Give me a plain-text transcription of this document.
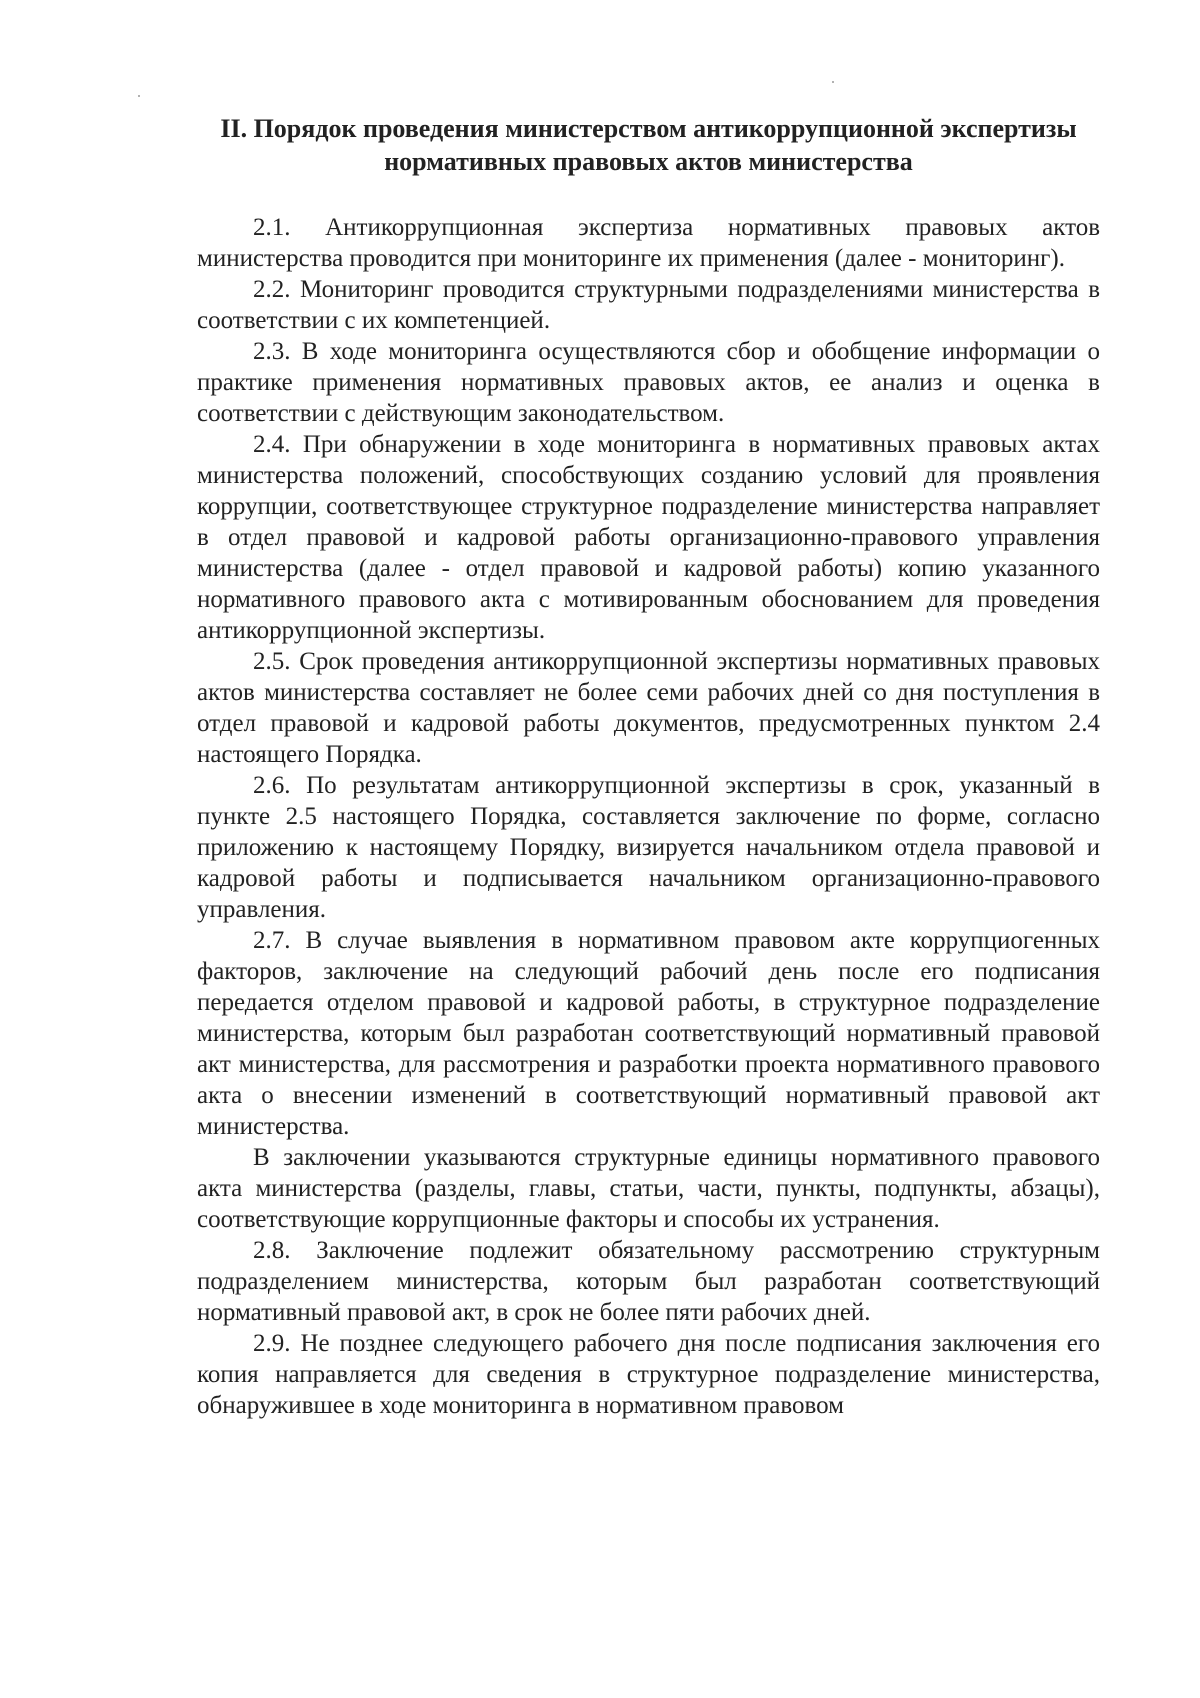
II. Порядок проведения министерством антикоррупционной экспертизы нормативных правовых актов министерства

2.1. Антикоррупционная экспертиза нормативных правовых актов министерства проводится при мониторинге их применения (далее - мониторинг).

2.2. Мониторинг проводится структурными подразделениями министерства в соответствии с их компетенцией.

2.3. В ходе мониторинга осуществляются сбор и обобщение информации о практике применения нормативных правовых актов, ее анализ и оценка в соответствии с действующим законодательством.

2.4. При обнаружении в ходе мониторинга в нормативных правовых актах министерства положений, способствующих созданию условий для проявления коррупции, соответствующее структурное подразделение министерства направляет в отдел правовой и кадровой работы организационно-правового управления министерства (далее - отдел правовой и кадровой работы) копию указанного нормативного правового акта с мотивированным обоснованием для проведения антикоррупционной экспертизы.

2.5. Срок проведения антикоррупционной экспертизы нормативных правовых актов министерства составляет не более семи рабочих дней со дня поступления в отдел правовой и кадровой работы документов, предусмотренных пунктом 2.4 настоящего Порядка.

2.6. По результатам антикоррупционной экспертизы в срок, указанный в пункте 2.5 настоящего Порядка, составляется заключение по форме, согласно приложению к настоящему Порядку, визируется начальником отдела правовой и кадровой работы и подписывается начальником организационно-правового управления.

2.7. В случае выявления в нормативном правовом акте коррупциогенных факторов, заключение на следующий рабочий день после его подписания передается отделом правовой и кадровой работы, в структурное подразделение министерства, которым был разработан соответствующий нормативный правовой акт министерства, для рассмотрения и разработки проекта нормативного правового акта о внесении изменений в соответствующий нормативный правовой акт министерства.

В заключении указываются структурные единицы нормативного правового акта министерства (разделы, главы, статьи, части, пункты, подпункты, абзацы), соответствующие коррупционные факторы и способы их устранения.

2.8. Заключение подлежит обязательному рассмотрению структурным подразделением министерства, которым был разработан соответствующий нормативный правовой акт, в срок не более пяти рабочих дней.

2.9. Не позднее следующего рабочего дня после подписания заключения его копия направляется для сведения в структурное подразделение министерства, обнаружившее в ходе мониторинга в нормативном правовом
